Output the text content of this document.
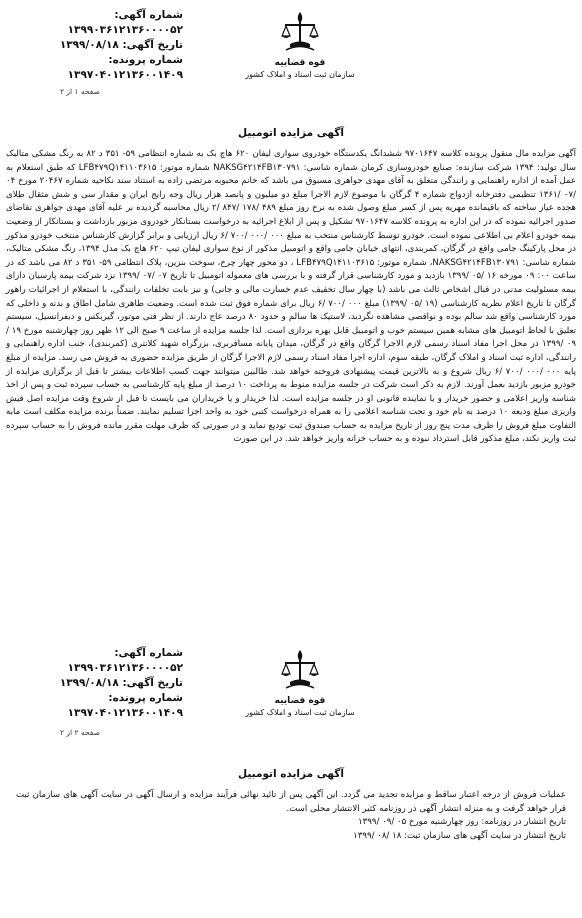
شماره آگهی: ۱۳۹۹۰۳۶۱۲۱۳۶۰۰۰۰۵۲
تاریخ آگهی: ۱۳۹۹/۰۸/۱۸
شماره پرونده: ۱۳۹۷۰۴۰۱۲۱۳۶۰۰۱۴۰۹
قوه قضاییه
سازمان ثبت اسناد و املاک کشور
صفحه ۱ از ۲
آگهی مزایده اتومبیل

آگهی مزایده مال منقول پرونده کلاسه ۹۷۰۱۶۴۷ ششدانگ یکدستگاه خودروی سواری لیفان ۶۲۰ هاچ بک به شماره انتظامی ۵۹- ۳۵۱ د ۸۲ به رنگ مشکی متالیک سال تولید: ۱۳۹۴ شرکت سازنده: صنایع خودروسازی کرمان شماره شاسی: NAKSG۴۲۱۴FB۱۳۰۷۹۱ شماره موتور: LFB۴۷۹Q۱۴۱۱۰۳۶۱۵ که طبق استعلام به عمل آمده از اداره راهنمایی و رانندگی متعلق به آقای مهدی جواهری مسبوق می باشد که خانم محبوبه مرتضی زاده به استناد سند نکاحیه شماره ۲۰۴۶۷ مورخ ۰۴ /۰۷ /۱۳۶۱ تنظیمی دفترخانه ازدواج شماره ۴ گرگان با موضوع لازم الاجرا مبلغ دو میلیون و پانصد هزار ریال وجه رایج ایران و مقدار سی و شش مثقال طلای هجده عیار ساخته که باقیمانده مهریه پس از کسر مبلغ وصول شده به نرخ روز مبلغ ۴۸۹ /۱۷۸ /۸۴۷ /۲ ریال محاسبه گردیده بر علیه آقای مهدی جواهری تقاضای صدور اجرائیه نموده که در این اداره به پرونده کلاسه ۹۷۰۱۶۴۷ تشکیل و پس از ابلاغ اجرائیه به درخواست بستانکار خودروی مزبور بازداشت و بستانکار از وضعیت بیمه خودرو اعلام بی اطلاعی نموده است. خودرو توسط کارشناس منتخب به مبلغ ۰۰۰ /۰۰۰ /۷۰۰ /۶ ریال ارزیابی و برابر گزارش کارشناس منتخب خودرو مذکور در محل پارکینگ جامی واقع در گرگان، کمربندی، انتهای خیابان جامی واقع و اتومبیل مذکور از نوع سواری لیفان تیپ ۶۲۰ هاچ بک مدل ۱۳۹۴، رنگ مشکی متالیک، شماره شاسی: NAKSG۴۲۱۴FB۱۳۰۷۹۱، شماره موتور: LFB۴۷۹Q۱۴۱۱۰۳۶۱۵ ، دو محور چهار چرخ، سوخت بنزین، پلاک انتظامی ۵۹- ۳۵۱ د ۸۲ می باشد که در ساعت ۰۰: ۰۹ مورخه ۱۶ /۰۵ /۱۳۹۹ بازدید و مورد کارشناسی قرار گرفته و با بررسی های معموله اتومبیل تا تاریخ ۰۷ /۰۷ /۱۳۹۹ نزد شرکت بیمه پارسیان دارای بیمه مسئولیت مدنی در قبال اشخاص ثالث می باشد (با چهار سال تخفیف عدم خسارت مالی و جانی) و نیز بابت تخلفات رانندگی، با استعلام از اجرائیات راهور گرگان تا تاریخ اعلام نظریه کارشناسی (۱۹ /۰۵ /۱۳۹۹) مبلغ ۰۰۰ /۷۰۰ /۶ ریال برای شماره فوق ثبت شده است. وضعیت ظاهری شامل اطاق و بدنه و داخلی که مورد کارشناسی واقع شد سالم بوده و نواقصی مشاهده نگردید، لاستیک ها سالم و حدود ۸۰ درصد عاج دارند. از نظر فنی موتور، گیربکس و دیفرانسیل، سیستم تعلیق با لحاظ اتومبیل های مشابه همین سیستم خوب و اتومبیل قابل بهره برداری است. لذا جلسه مزایده از ساعت ۹ صبح الی ۱۲ ظهر روز چهارشنبه مورخ ۱۹ /۰۹ /۱۳۹۹ در محل اجرا مفاد اسناد رسمی لازم الاجرا گرگان واقع در گرگان، میدان پایانه مسافربری، بزرگراه شهید کلانتری (کمربندی)، جنب اداره راهنمایی و رانندگی، اداره ثبت اسناد و املاک گرگان، طبقه سوم، اداره اجرا مفاد اسناد رسمی لازم الاجرا گرگان از طریق مزایده حضوری به فروش می رسد. مزایده از مبلغ پایه ۰۰۰ /۰۰۰ /۷۰۰ /۶ ریال شروع و به بالاترین قیمت پیشنهادی فروخته خواهد شد. طالبین میتوانند جهت کسب اطلاعات بیشتر تا قبل از برگزاری مزایده از خودرو مزبور بازدید بعمل آورند. لازم به ذکر است شرکت در جلسه مزایده منوط به پرداخت ۱۰ درصد از مبلغ پایه کارشناسی به حساب سپرده ثبت و پس از اخذ شناسه واریز اعلامی و حضور خریدار و یا نماینده قانونی او در جلسه مزایده است. لذا خریدار و یا خریداران می بایست تا قبل از شروع وقت مزایده اصل فیش واریزی مبلغ ودیعه ۱۰ درصد به نام خود و تحت شناسه اعلامی را به همراه درخواست کتبی خود به واحد اجرا تسلیم نمایند. ضمناً برنده مزایده مکلف است مابه التفاوت مبلغ فروش را ظرف مدت پنج روز از تاریخ مزایده به حساب صندوق ثبت تودیع نماید و در صورتی که ظرف مهلت مقرر مانده فروش را به حساب سپرده ثبت واریز نکند، مبلغ مذکور قابل استرداد نبوده و به حساب خزانه واریز خواهد شد. در این صورت

شماره آگهی: ۱۳۹۹۰۳۶۱۲۱۳۶۰۰۰۰۵۲
تاریخ آگهی: ۱۳۹۹/۰۸/۱۸
شماره پرونده: ۱۳۹۷۰۴۰۱۲۱۳۶۰۰۱۴۰۹
قوه قضاییه
سازمان ثبت اسناد و املاک کشور
صفحه ۲ از ۲
آگهی مزایده اتومبیل

عملیات فروش از درجه اعتبار ساقط و مزایده تجدید می گردد. این آگهی پس از تائید نهائی فرآیند مزایده و ارسال آگهی در سایت آگهی های سازمان ثبت قرار خواهد گرفت و به منزله انتشار آگهی در روزنامه کثیر الانتشار محلی است.

تاریخ انتشار در روزنامه: روز چهارشنبه مورخ ۰۵ /۰۹ /۱۳۹۹

تاریخ انتشار در سایت آگهی های سازمان ثبت: ۱۸ /۰۸ /۱۳۹۹
